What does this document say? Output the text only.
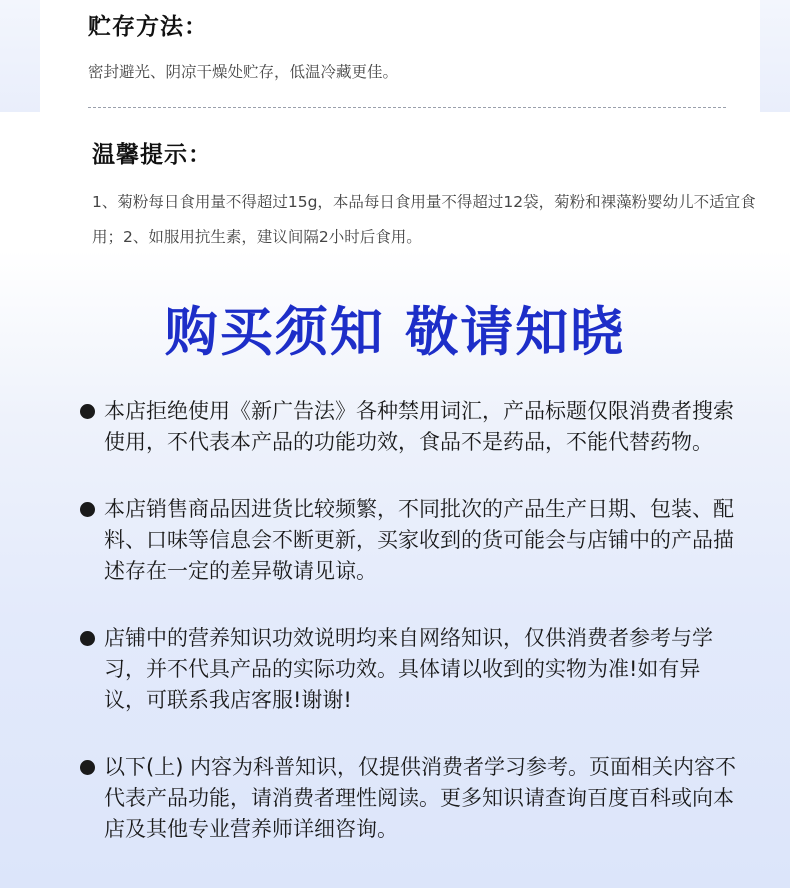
贮存方法：
密封避光、阴凉干燥处贮存，低温冷藏更佳。
温馨提示：
1、菊粉每日食用量不得超过15g，本品每日食用量不得超过12袋，菊粉和裸藻粉婴幼儿不适宜食用；2、如服用抗生素，建议间隔2小时后食用。
购买须知 敬请知晓
本店拒绝使用《新广告法》各种禁用词汇，产品标题仅限消费者搜索使用，不代表本产品的功能功效，食品不是药品，不能代替药物。
本店销售商品因进货比较频繁，不同批次的产品生产日期、包装、配料、口味等信息会不断更新，买家收到的货可能会与店铺中的产品描述存在一定的差异敬请见谅。
店铺中的营养知识功效说明均来自网络知识，仅供消费者参考与学习，并不代具产品的实际功效。具体请以收到的实物为准!如有异议，可联系我店客服!谢谢!
以下(上) 内容为科普知识，仅提供消费者学习参考。页面相关内容不代表产品功能，请消费者理性阅读。更多知识请查询百度百科或向本店及其他专业营养师详细咨询。
